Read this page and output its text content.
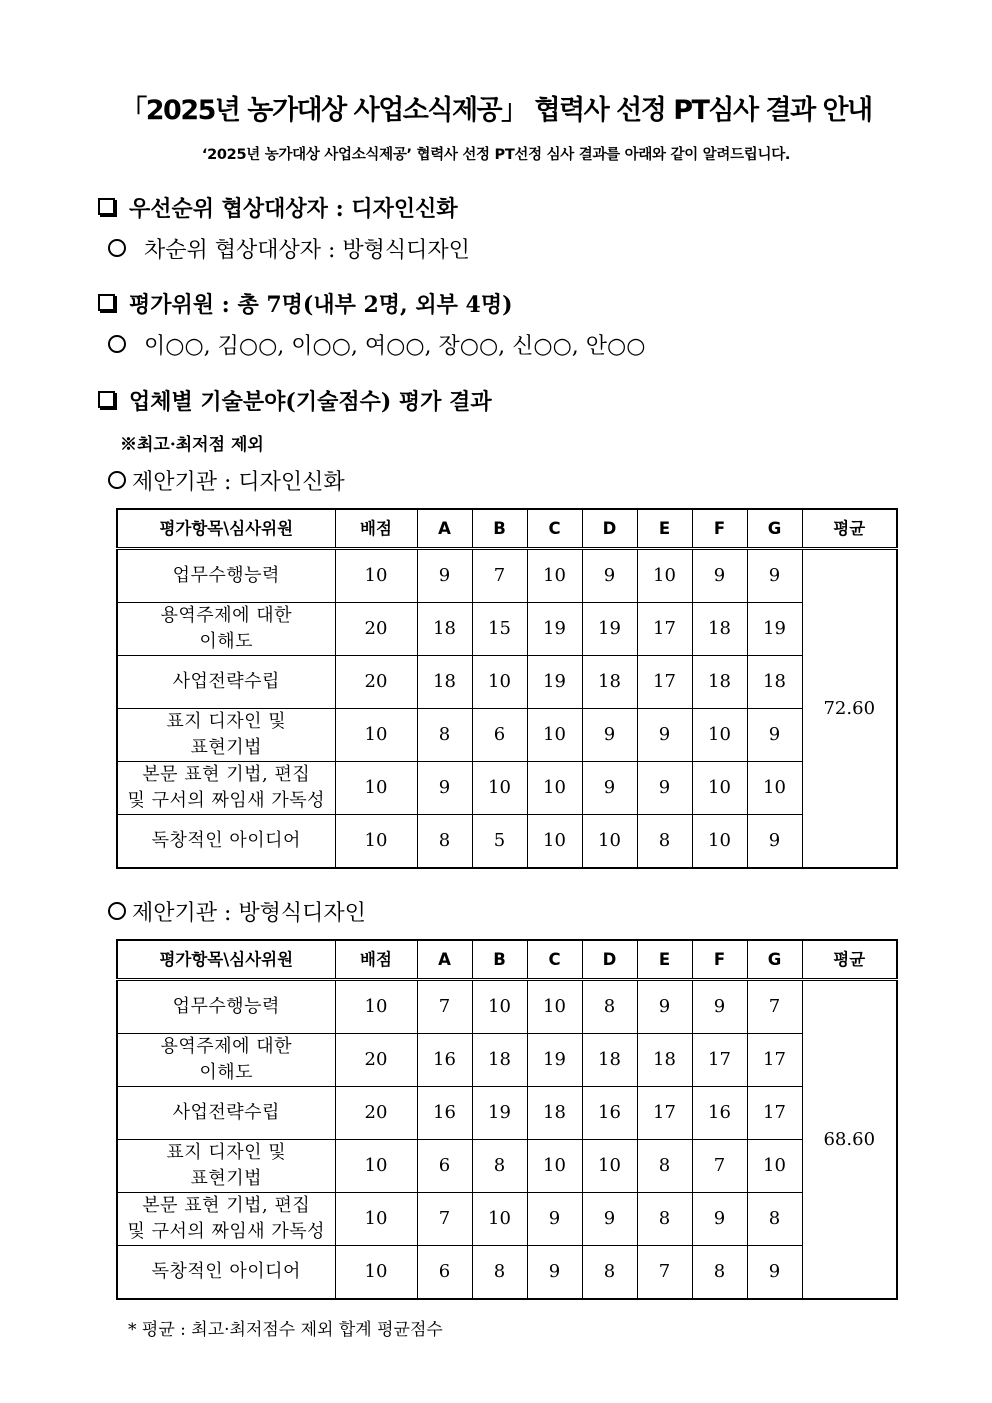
「2025년 농가대상 사업소식제공」 협력사 선정 PT심사 결과 안내
‘2025년 농가대상 사업소식제공’ 협력사 선정 PT선정 심사 결과를 아래와 같이 알려드립니다.
우선순위 협상대상자 : 디자인신화
차순위 협상대상자 : 방형식디자인
평가위원 : 총 7명(내부 2명, 외부 4명)
이○○, 김○○, 이○○, 여○○, 장○○, 신○○, 안○○
업체별 기술분야(기술점수) 평가 결과
※최고·최저점 제외
제안기관 : 디자인신화
평가항목\심사위원	배점	A	B	C	D	E	F	G	평균
업무수행능력	10	9	7	10	9	10	9	9	72.60
용역주제에 대한
이해도	20	18	15	19	19	17	18	19	
사업전략수립	20	18	10	19	18	17	18	18	
표지 디자인 및
표현기법	10	8	6	10	9	9	10	9	
본문 표현 기법, 편집
및 구서의 짜임새 가독성	10	9	10	10	9	9	10	10	
독창적인 아이디어	10	8	5	10	10	8	10	9	
제안기관 : 방형식디자인
평가항목\심사위원	배점	A	B	C	D	E	F	G	평균
업무수행능력	10	7	10	10	8	9	9	7	68.60
용역주제에 대한
이해도	20	16	18	19	18	18	17	17	
사업전략수립	20	16	19	18	16	17	16	17	
표지 디자인 및
표현기법	10	6	8	10	10	8	7	10	
본문 표현 기법, 편집
및 구서의 짜임새 가독성	10	7	10	9	9	8	9	8	
독창적인 아이디어	10	6	8	9	8	7	8	9	
* 평균 : 최고·최저점수 제외 합계 평균점수
